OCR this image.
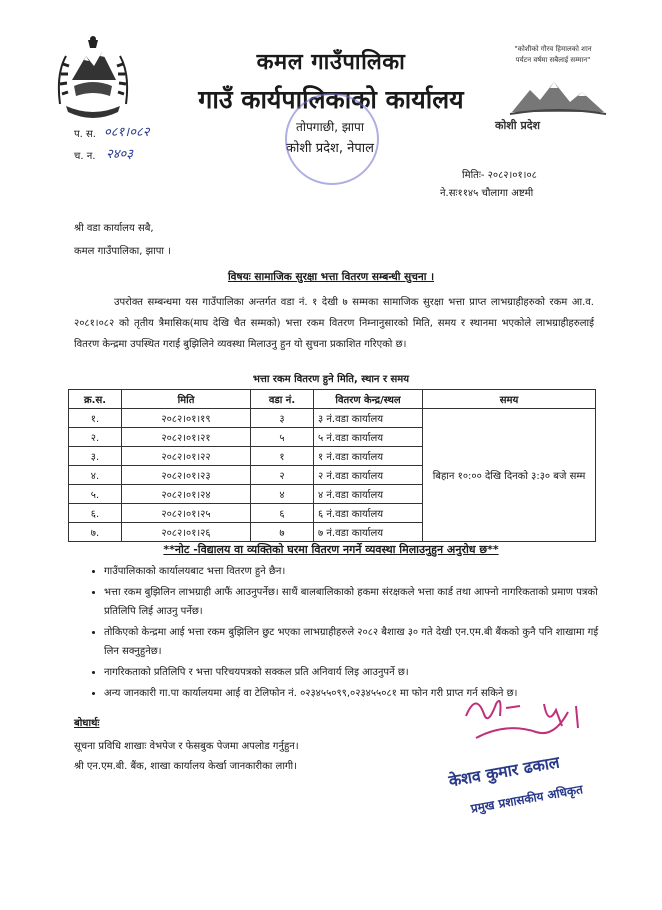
कमल गाउँपालिका
गाउँ कार्यपालिकाको कार्यालय
तोपगाछी, झापा
कोशी प्रदेश, नेपाल
"कोशीको गौरव हिमालको शान
पर्यटन वर्षमा सबैलाई सम्मान"
कोशी प्रदेश
प. स. ०८१।०८२
च. न. २४०३
मितिः- २०८२।०१।०८
ने.सः११४५ चौलागा अष्टमी
श्री वडा कार्यालय सबै,
कमल गाउँपालिका, झापा ।
विषयः सामाजिक सुरक्षा भत्ता वितरण सम्बन्धी सुचना ।
उपरोक्त सम्बन्धमा यस गाउँपालिका अन्तर्गत वडा नं. १ देखी ७ सम्मका सामाजिक सुरक्षा भत्ता प्राप्त लाभग्राहीहरुको रकम आ.व. २०८१।०८२ को तृतीय त्रैमासिक(माघ देखि चैत सम्मको) भत्ता रकम वितरण निम्नानुसारको मिति, समय र स्थानमा भएकोले लाभग्राहीहरुलाई वितरण केन्द्रमा उपस्थित गराई बुझिलिने व्यवस्था मिलाउनु हुन यो सुचना प्रकाशित गरिएको छ।
भत्ता रकम वितरण हुने मिति, स्थान र समय
क्र.स.	मिति	वडा नं.	वितरण केन्द्र/स्थल	समय
१.	२०८२।०१।१९	३	३ नं.वडा कार्यालय	बिहान १०:०० देखि दिनको ३:३० बजे सम्म
२.	२०८२।०१।२१	५	५ नं.वडा कार्यालय	
३.	२०८२।०१।२२	१	१ नं.वडा कार्यालय	
४.	२०८२।०१।२३	२	२ नं.वडा कार्यालय	
५.	२०८२।०१।२४	४	४ नं.वडा कार्यालय	
६.	२०८२।०१।२५	६	६ नं.वडा कार्यालय	
७.	२०८२।०१।२६	७	७ नं.वडा कार्यालय	
**नोट -विद्यालय वा व्यक्तिको घरमा वितरण नगर्ने व्यवस्था मिलाउनुहुन अनुरोध छ**
• गाउँपालिकाको कार्यालयबाट भत्ता वितरण हुने छैन।
• भत्ता रकम बुझिलिन लाभग्राही आफैं आउनुपर्नेछ। साथैं बालबालिकाको हकमा संरक्षकले भत्ता कार्ड तथा आफ्नो नागरिकताको प्रमाण पत्रको प्रतिलिपि लिई आउनु पर्नेछ।
• तोकिएको केन्द्रमा आई भत्ता रकम बुझिलिन छुट भएका लाभग्राहीहरुले २०८२ बैशाख ३० गते देखी एन.एम.बी बैंकको कुनै पनि शाखामा गई लिन सक्नुहुनेछ।
• नागरिकताको प्रतिलिपि र भत्ता परिचयपत्रको सक्कल प्रति अनिवार्य लिइ आउनुपर्ने छ।
• अन्य जानकारी गा.पा कार्यालयमा आई वा टेलिफोन नं. ०२३४५५०९९,०२३४५५०८१ मा फोन गरी प्राप्त गर्न सकिने छ।
बोधार्थः
सूचना प्रविधि शाखाः वेभपेज र फेसबुक पेजमा अपलोड गर्नुहुन।
श्री एन.एम.बी. बैंक, शाखा कार्यालय केर्खा जानकारीका लागी।	केशव कुमार ढकाल
प्रमुख प्रशासकीय अधिकृत
